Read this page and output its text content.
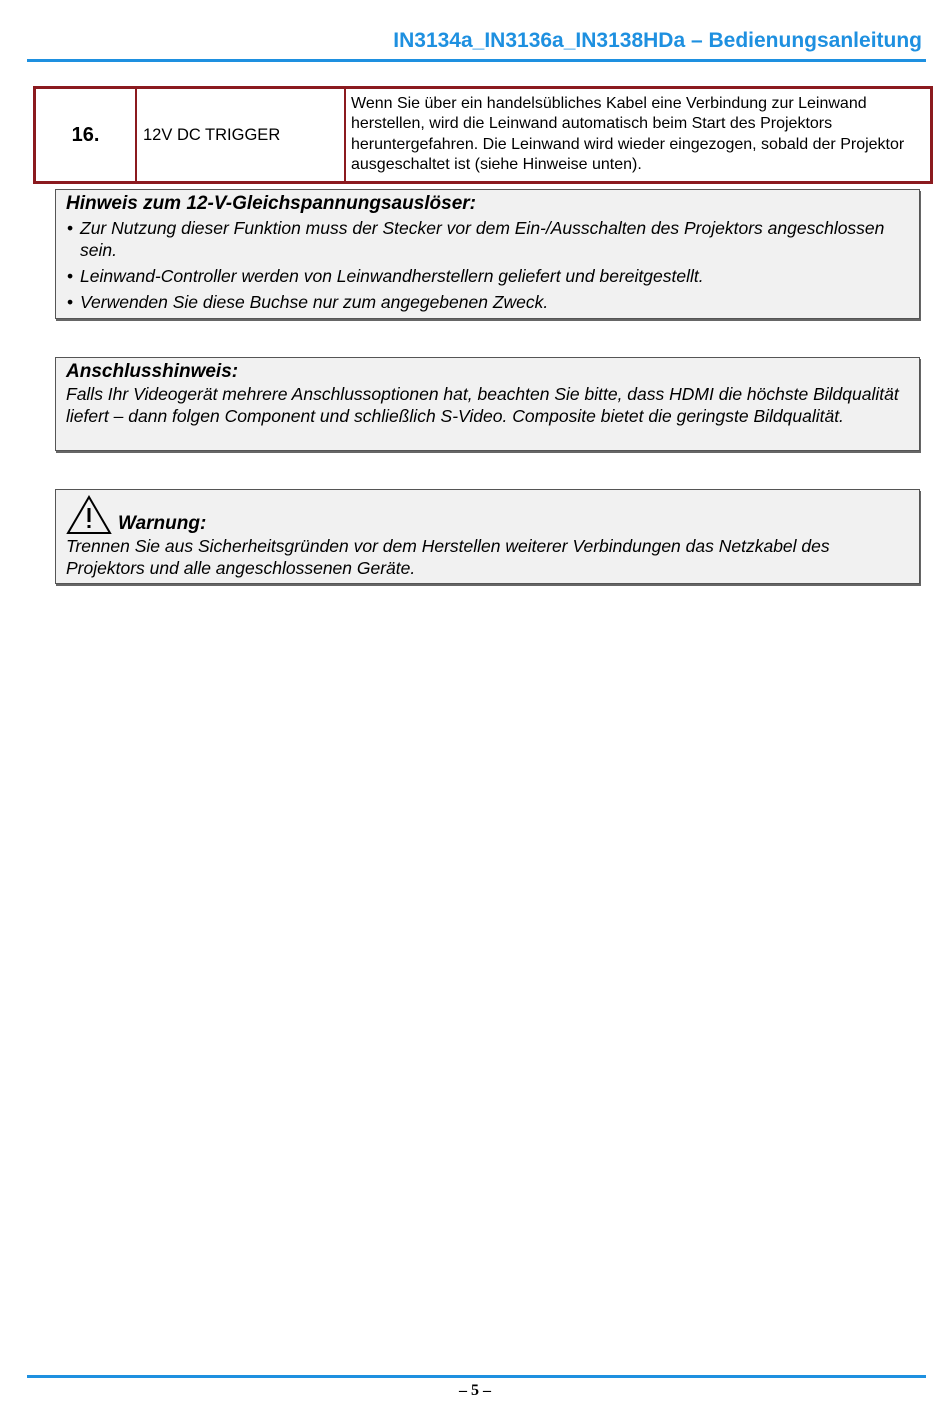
IN3134a_IN3136a_IN3138HDa – Bedienungsanleitung
16.	12V DC TRIGGER	Wenn Sie über ein handelsübliches Kabel eine Verbindung zur Leinwand herstellen, wird die Leinwand automatisch beim Start des Projektors heruntergefahren. Die Leinwand wird wieder eingezogen, sobald der Projektor ausgeschaltet ist (siehe Hinweise unten).
Hinweis zum 12-V-Gleichspannungsauslöser:
• Zur Nutzung dieser Funktion muss der Stecker vor dem Ein-/Ausschalten des Projektors angeschlossen sein.
• Leinwand-Controller werden von Leinwandherstellern geliefert und bereitgestellt.
• Verwenden Sie diese Buchse nur zum angegebenen Zweck.
Anschlusshinweis:

Falls Ihr Videogerät mehrere Anschlussoptionen hat, beachten Sie bitte, dass HDMI die höchste Bildqualität liefert – dann folgen Component und schließlich S-Video. Composite bietet die geringste Bildqualität.

Warnung:

Trennen Sie aus Sicherheitsgründen vor dem Herstellen weiterer Verbindungen das Netzkabel des Projektors und alle angeschlossenen Geräte.

– 5 –
